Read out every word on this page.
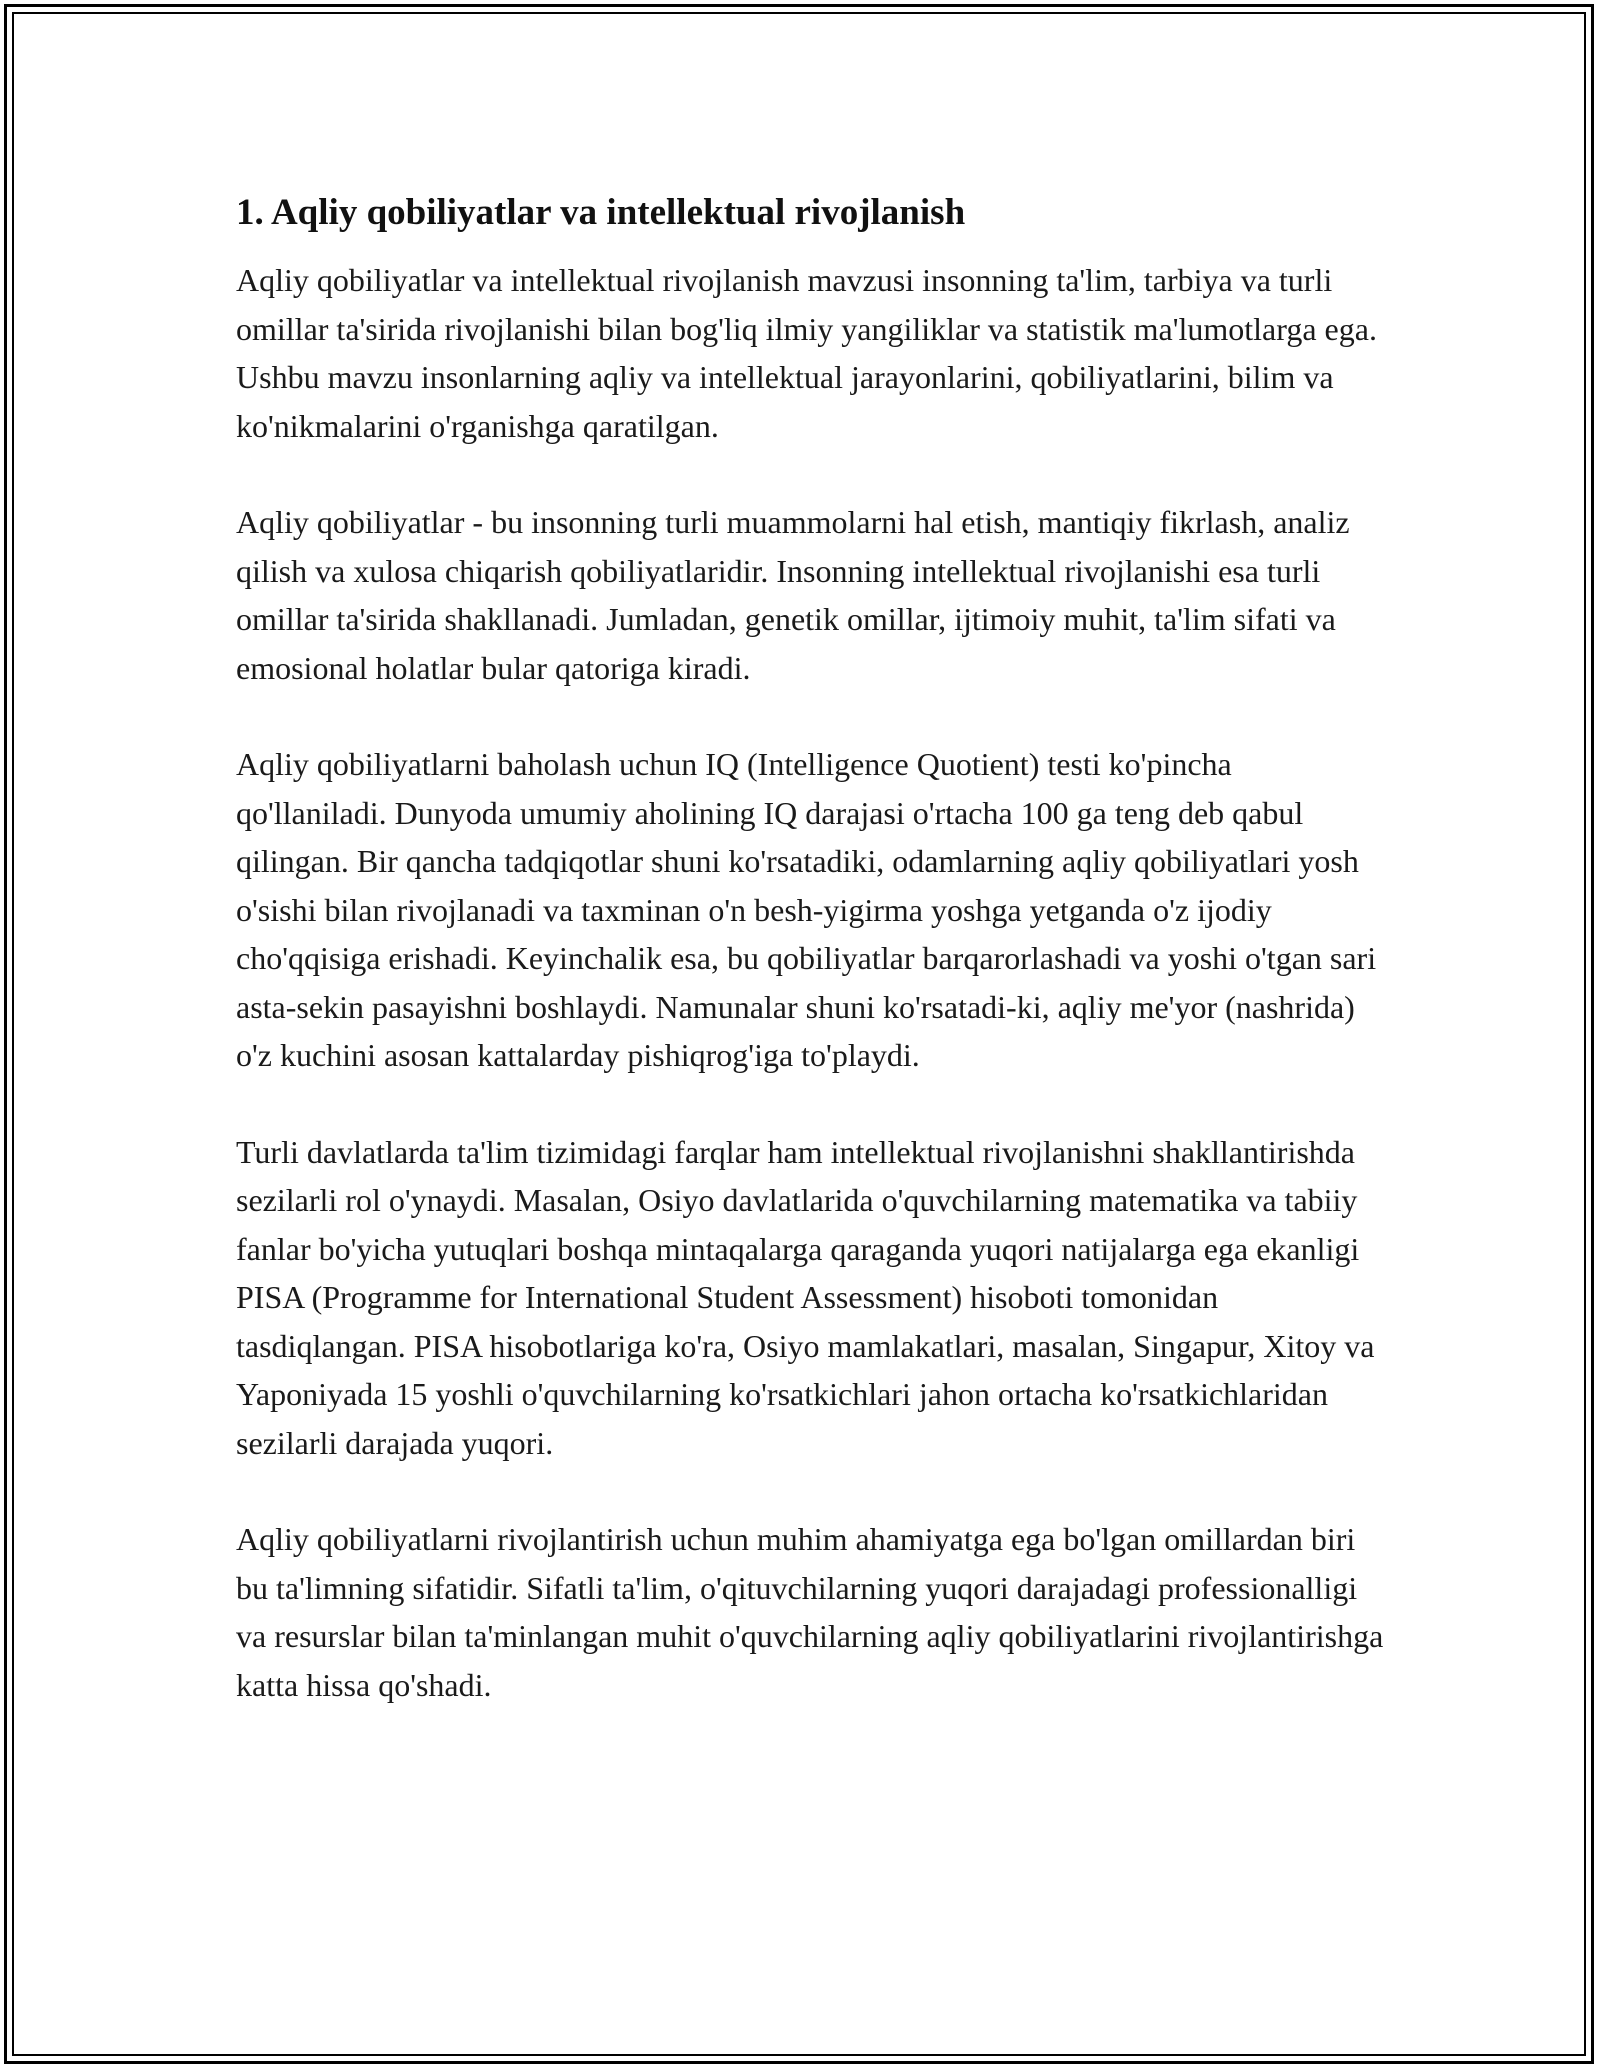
1. Aqliy qobiliyatlar va intellektual rivojlanish

Aqliy qobiliyatlar va intellektual rivojlanish mavzusi insonning ta'lim, tarbiya va turli omillar ta'sirida rivojlanishi bilan bog'liq ilmiy yangiliklar va statistik ma'lumotlarga ega. Ushbu mavzu insonlarning aqliy va intellektual jarayonlarini, qobiliyatlarini, bilim va ko'nikmalarini o'rganishga qaratilgan.

Aqliy qobiliyatlar - bu insonning turli muammolarni hal etish, mantiqiy fikrlash, analiz qilish va xulosa chiqarish qobiliyatlaridir. Insonning intellektual rivojlanishi esa turli omillar ta'sirida shakllanadi. Jumladan, genetik omillar, ijtimoiy muhit, ta'lim sifati va emosional holatlar bular qatoriga kiradi.

Aqliy qobiliyatlarni baholash uchun IQ (Intelligence Quotient) testi ko'pincha qo'llaniladi. Dunyoda umumiy aholining IQ darajasi o'rtacha 100 ga teng deb qabul qilingan. Bir qancha tadqiqotlar shuni ko'rsatadiki, odamlarning aqliy qobiliyatlari yosh o'sishi bilan rivojlanadi va taxminan o'n besh-yigirma yoshga yetganda o'z ijodiy cho'qqisiga erishadi. Keyinchalik esa, bu qobiliyatlar barqarorlashadi va yoshi o'tgan sari asta-sekin pasayishni boshlaydi. Namunalar shuni ko'rsatadi-ki, aqliy me'yor (nashrida) o'z kuchini asosan kattalarday pishiqrog'iga to'playdi.

Turli davlatlarda ta'lim tizimidagi farqlar ham intellektual rivojlanishni shakllantirishda sezilarli rol o'ynaydi. Masalan, Osiyo davlatlarida o'quvchilarning matematika va tabiiy fanlar bo'yicha yutuqlari boshqa mintaqalarga qaraganda yuqori natijalarga ega ekanligi PISA (Programme for International Student Assessment) hisoboti tomonidan tasdiqlangan. PISA hisobotlariga ko'ra, Osiyo mamlakatlari, masalan, Singapur, Xitoy va Yaponiyada 15 yoshli o'quvchilarning ko'rsatkichlari jahon ortacha ko'rsatkichlaridan sezilarli darajada yuqori.

Aqliy qobiliyatlarni rivojlantirish uchun muhim ahamiyatga ega bo'lgan omillardan biri bu ta'limning sifatidir. Sifatli ta'lim, o'qituvchilarning yuqori darajadagi professionalligi va resurslar bilan ta'minlangan muhit o'quvchilarning aqliy qobiliyatlarini rivojlantirishga katta hissa qo'shadi.
